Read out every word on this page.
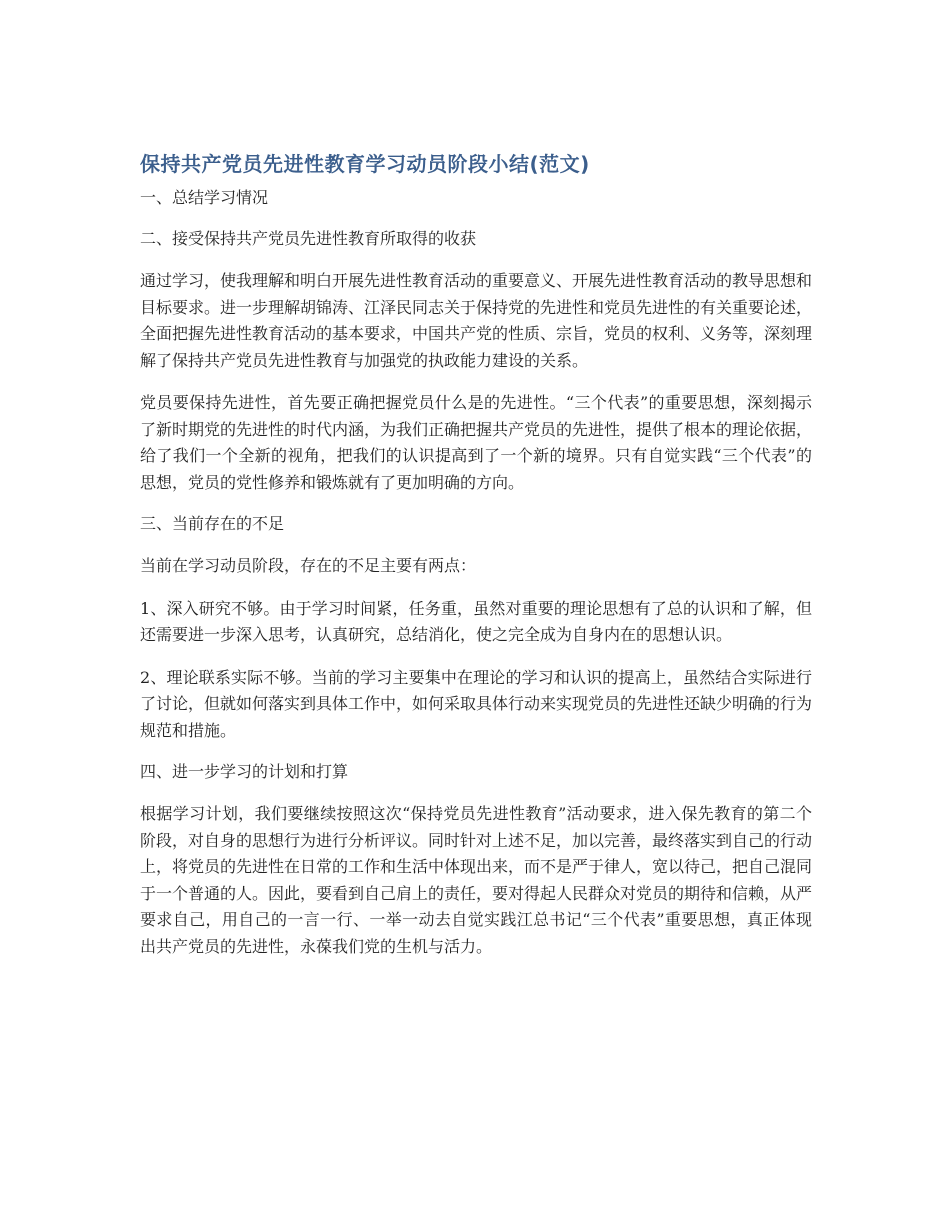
保持共产党员先进性教育学习动员阶段小结(范文)

一、总结学习情况

二、接受保持共产党员先进性教育所取得的收获

通过学习，使我理解和明白开展先进性教育活动的重要意义、开展先进性教育活动的教导思想和目标要求。进一步理解胡锦涛、江泽民同志关于保持党的先进性和党员先进性的有关重要论述，全面把握先进性教育活动的基本要求，中国共产党的性质、宗旨，党员的权利、义务等，深刻理解了保持共产党员先进性教育与加强党的执政能力建设的关系。

党员要保持先进性，首先要正确把握党员什么是的先进性。“三个代表”的重要思想，深刻揭示了新时期党的先进性的时代内涵，为我们正确把握共产党员的先进性，提供了根本的理论依据，给了我们一个全新的视角，把我们的认识提高到了一个新的境界。只有自觉实践“三个代表”的思想，党员的党性修养和锻炼就有了更加明确的方向。

三、当前存在的不足

当前在学习动员阶段，存在的不足主要有两点：

1、深入研究不够。由于学习时间紧，任务重，虽然对重要的理论思想有了总的认识和了解，但还需要进一步深入思考，认真研究，总结消化，使之完全成为自身内在的思想认识。

2、理论联系实际不够。当前的学习主要集中在理论的学习和认识的提高上，虽然结合实际进行了讨论，但就如何落实到具体工作中，如何采取具体行动来实现党员的先进性还缺少明确的行为规范和措施。

四、进一步学习的计划和打算

根据学习计划，我们要继续按照这次“保持党员先进性教育”活动要求，进入保先教育的第二个阶段，对自身的思想行为进行分析评议。同时针对上述不足，加以完善，最终落实到自己的行动上，将党员的先进性在日常的工作和生活中体现出来，而不是严于律人，宽以待己，把自己混同于一个普通的人。因此，要看到自己肩上的责任，要对得起人民群众对党员的期待和信赖，从严要求自己，用自己的一言一行、一举一动去自觉实践江总书记“三个代表”重要思想，真正体现出共产党员的先进性，永葆我们党的生机与活力。
